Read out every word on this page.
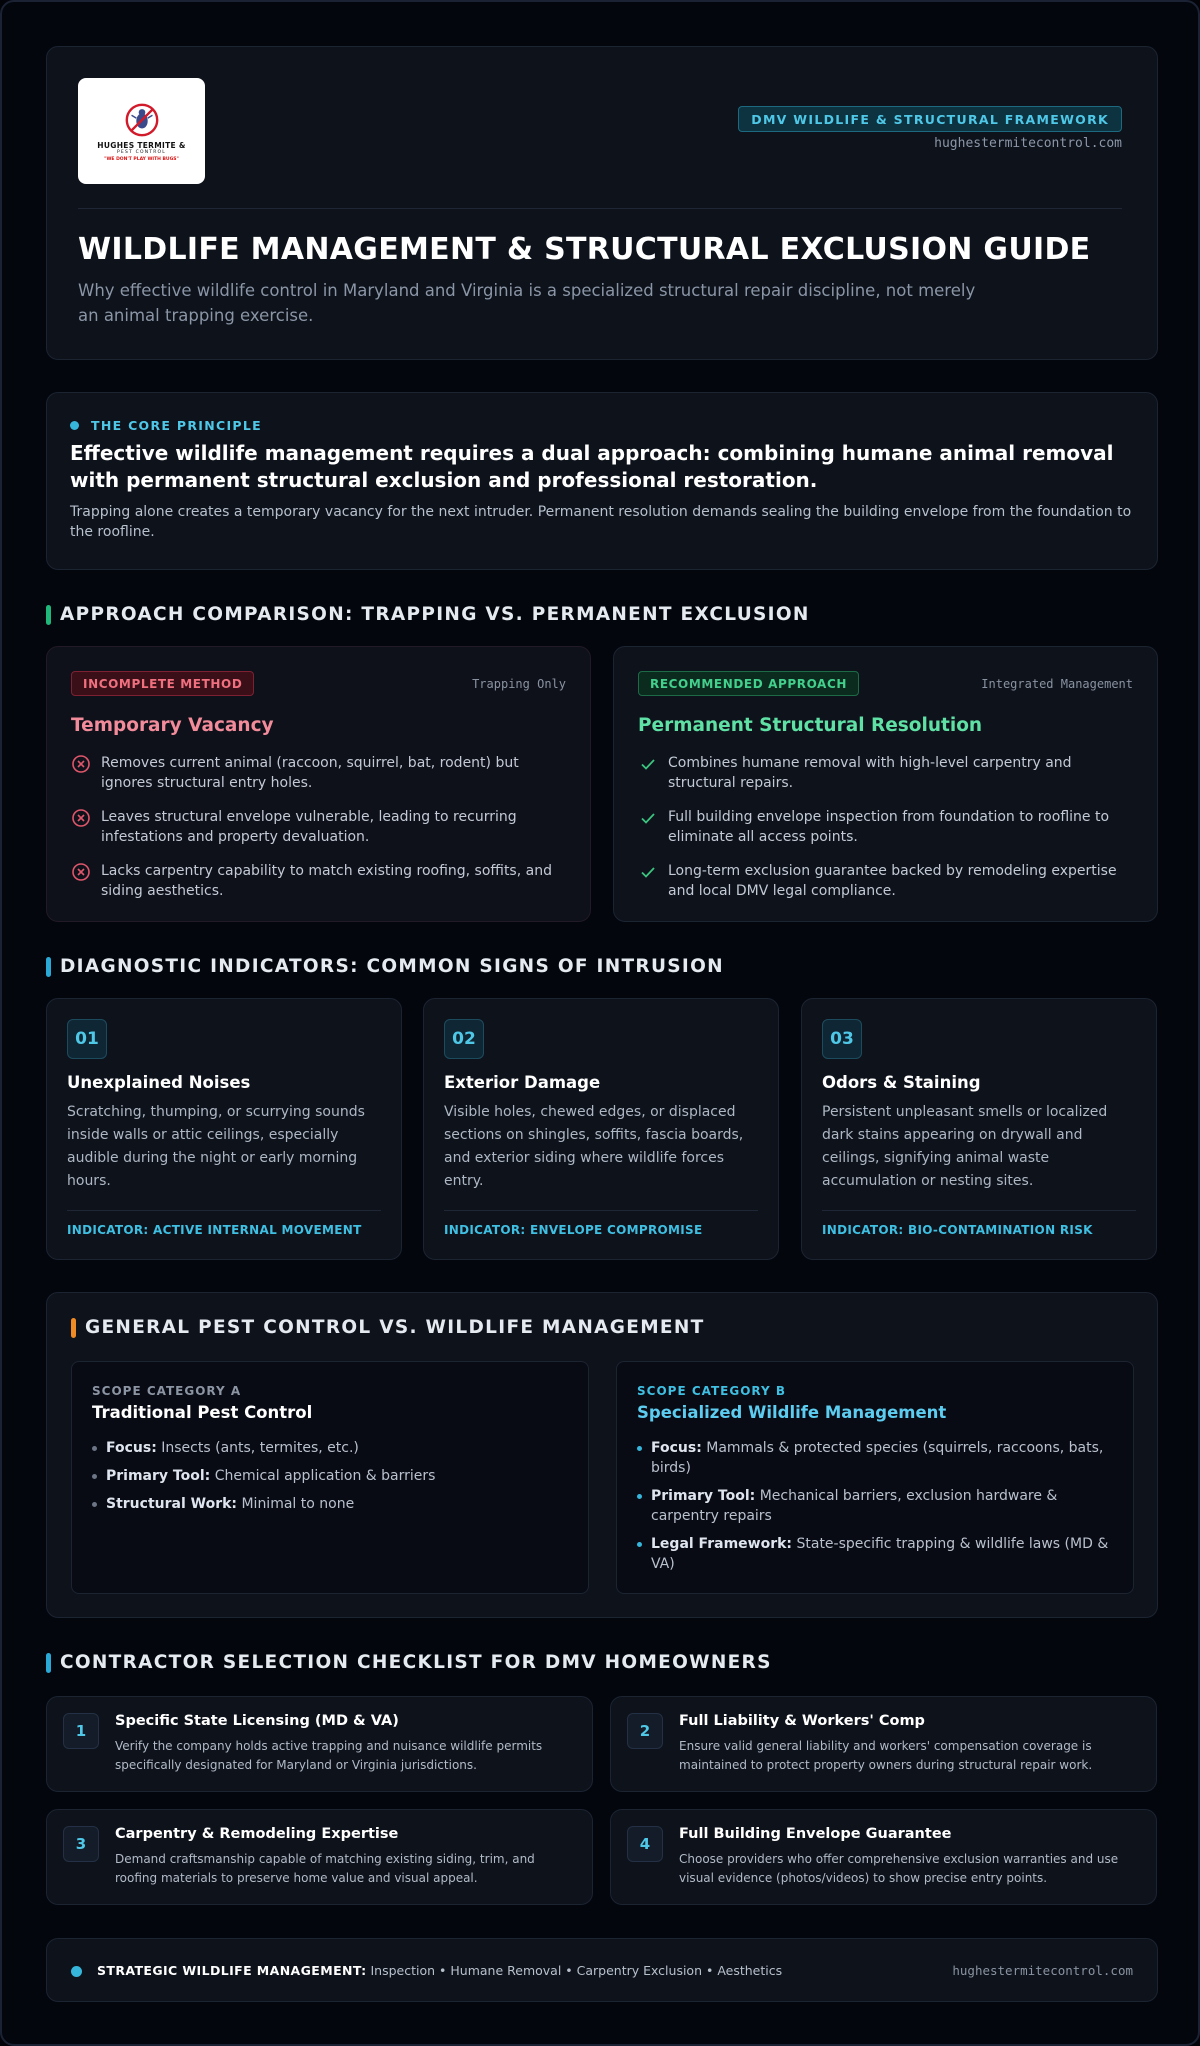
HUGHES TERMITE &
PEST CONTROL
"WE DON'T PLAY WITH BUGS"
DMV WILDLIFE & STRUCTURAL FRAMEWORK
hughestermitecontrol.com
WILDLIFE MANAGEMENT & STRUCTURAL EXCLUSION GUIDE

Why effective wildlife control in Maryland and Virginia is a specialized structural repair discipline, not merely an animal trapping exercise.

THE CORE PRINCIPLE
Effective wildlife management requires a dual approach: combining humane animal removal with permanent structural exclusion and professional restoration.
Trapping alone creates a temporary vacancy for the next intruder. Permanent resolution demands sealing the building envelope from the foundation to the roofline.
APPROACH COMPARISON: TRAPPING VS. PERMANENT EXCLUSION
INCOMPLETE METHOD	Trapping Only
Temporary Vacancy
Removes current animal (raccoon, squirrel, bat, rodent) but ignores structural entry holes.
Leaves structural envelope vulnerable, leading to recurring infestations and property devaluation.
Lacks carpentry capability to match existing roofing, soffits, and siding aesthetics.
RECOMMENDED APPROACH	Integrated Management
Permanent Structural Resolution
Combines humane removal with high-level carpentry and structural repairs.
Full building envelope inspection from foundation to roofline to eliminate all access points.
Long-term exclusion guarantee backed by remodeling expertise and local DMV legal compliance.
DIAGNOSTIC INDICATORS: COMMON SIGNS OF INTRUSION
01
Unexplained Noises
Scratching, thumping, or scurrying sounds inside walls or attic ceilings, especially audible during the night or early morning hours.
INDICATOR: ACTIVE INTERNAL MOVEMENT
02
Exterior Damage
Visible holes, chewed edges, or displaced sections on shingles, soffits, fascia boards, and exterior siding where wildlife forces entry.
INDICATOR: ENVELOPE COMPROMISE
03
Odors & Staining
Persistent unpleasant smells or localized dark stains appearing on drywall and ceilings, signifying animal waste accumulation or nesting sites.
INDICATOR: BIO-CONTAMINATION RISK
GENERAL PEST CONTROL VS. WILDLIFE MANAGEMENT
SCOPE CATEGORY A
Traditional Pest Control
Focus: Insects (ants, termites, etc.)
Primary Tool: Chemical application & barriers
Structural Work: Minimal to none
SCOPE CATEGORY B
Specialized Wildlife Management
Focus: Mammals & protected species (squirrels, raccoons, bats, birds)
Primary Tool: Mechanical barriers, exclusion hardware & carpentry repairs
Legal Framework: State-specific trapping & wildlife laws (MD & VA)
CONTRACTOR SELECTION CHECKLIST FOR DMV HOMEOWNERS
1
Specific State Licensing (MD & VA)
Verify the company holds active trapping and nuisance wildlife permits specifically designated for Maryland or Virginia jurisdictions.
2
Full Liability & Workers' Comp
Ensure valid general liability and workers' compensation coverage is maintained to protect property owners during structural repair work.
3
Carpentry & Remodeling Expertise
Demand craftsmanship capable of matching existing siding, trim, and roofing materials to preserve home value and visual appeal.
4
Full Building Envelope Guarantee
Choose providers who offer comprehensive exclusion warranties and use visual evidence (photos/videos) to show precise entry points.
STRATEGIC WILDLIFE MANAGEMENT: Inspection • Humane Removal • Carpentry Exclusion • Aesthetics	hughestermitecontrol.com
